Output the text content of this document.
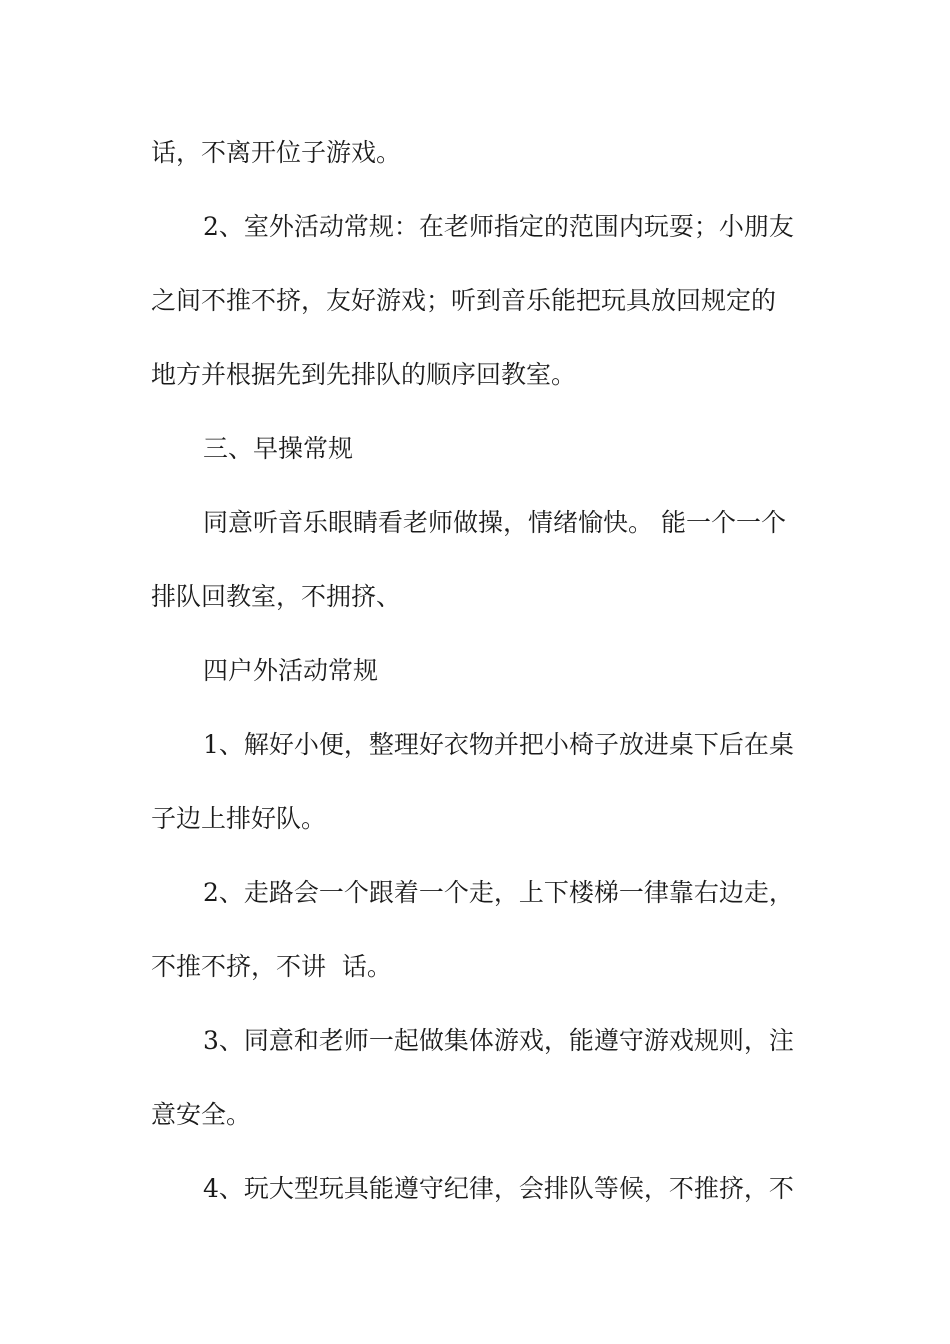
话，不离开位子游戏。
2、室外活动常规：在老师指定的范围内玩耍；小朋友
之间不推不挤，友好游戏；听到音乐能把玩具放回规定的
地方并根据先到先排队的顺序回教室。
三、早操常规
同意听音乐眼睛看老师做操，情绪愉快。 能一个一个
排队回教室，不拥挤、
四户外活动常规
1、解好小便，整理好衣物并把小椅子放进桌下后在桌
子边上排好队。
2、走路会一个跟着一个走，上下楼梯一律靠右边走，
不推不挤，不讲  话。
3、同意和老师一起做集体游戏，能遵守游戏规则，注
意安全。
4、玩大型玩具能遵守纪律，会排队等候，不推挤，不
